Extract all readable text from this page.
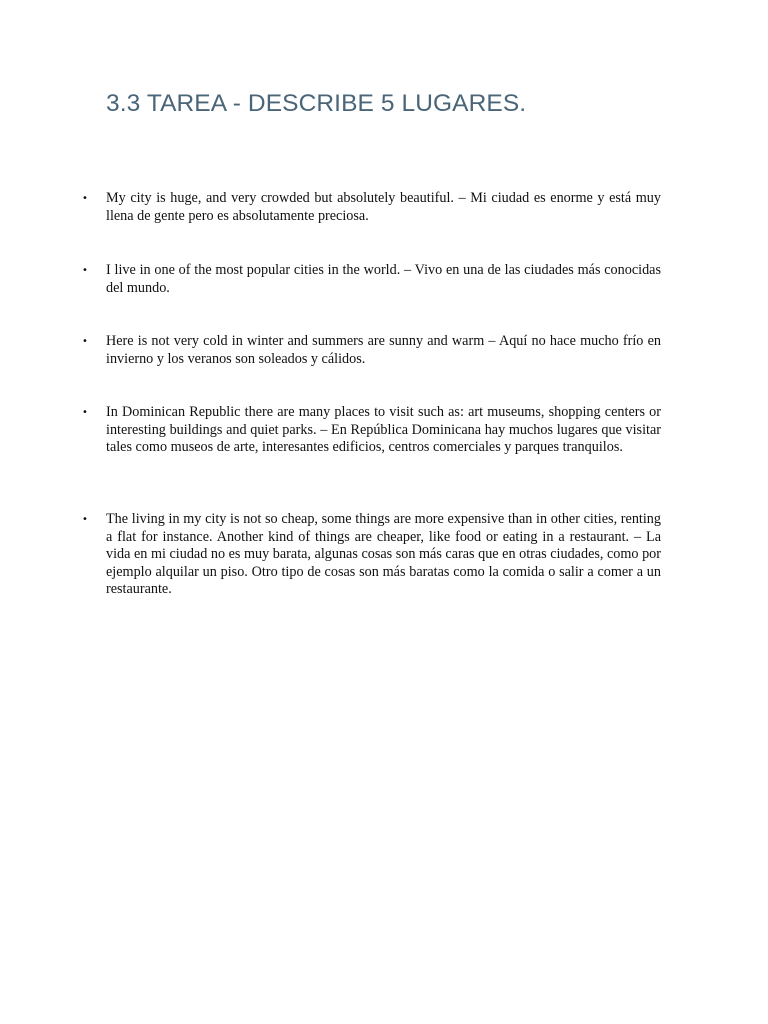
3.3 TAREA - DESCRIBE 5 LUGARES.
• My city is huge, and very crowded but absolutely beautiful. – Mi ciudad es enorme y está muy llena de gente pero es absolutamente preciosa.
• I live in one of the most popular cities in the world. – Vivo en una de las ciudades más conocidas del mundo.
• Here is not very cold in winter and summers are sunny and warm – Aquí no hace mucho frío en invierno y los veranos son soleados y cálidos.
• In Dominican Republic there are many places to visit such as: art museums, shopping centers or interesting buildings and quiet parks. – En República Dominicana hay muchos lugares que visitar tales como museos de arte, interesantes edificios, centros comerciales y parques tranquilos.
• The living in my city is not so cheap, some things are more expensive than in other cities, renting a flat for instance. Another kind of things are cheaper, like food or eating in a restaurant. – La vida en mi ciudad no es muy barata, algunas cosas son más caras que en otras ciudades, como por ejemplo alquilar un piso. Otro tipo de cosas son más baratas como la comida o salir a comer a un restaurante.
